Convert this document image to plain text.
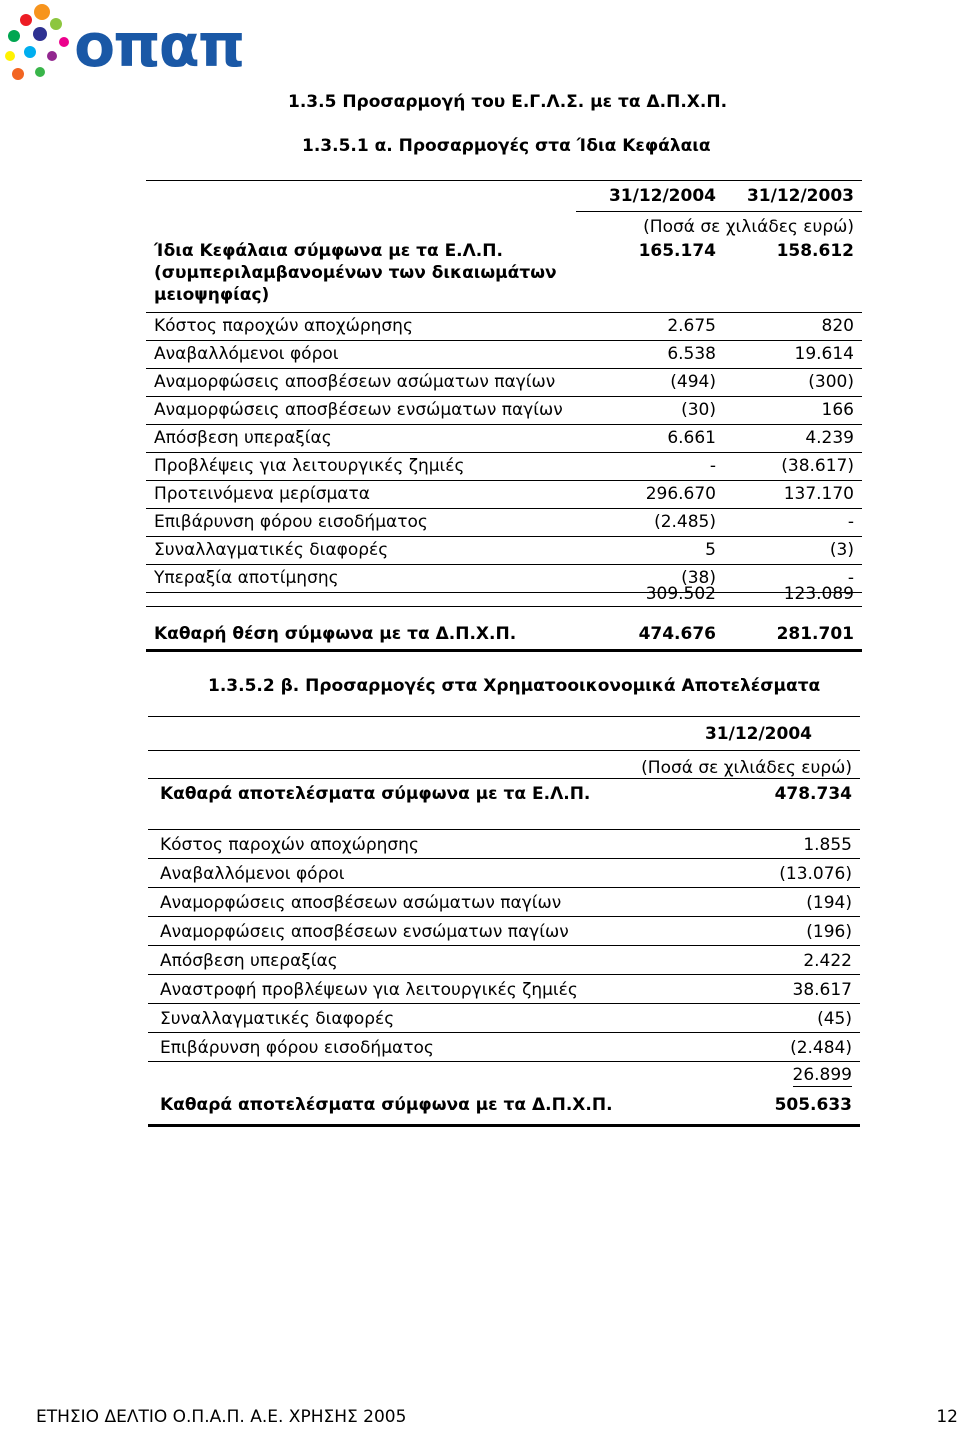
οπαπ
1.3.5 Προσαρμογή του Ε.Γ.Λ.Σ. με τα Δ.Π.Χ.Π.
1.3.5.1 α. Προσαρμογές στα Ίδια Κεφάλαια
31/12/2004 31/12/2003
(Ποσά σε χιλιάδες ευρώ)
Ίδια Κεφάλαια σύμφωνα με τα Ε.Λ.Π.
(συμπεριλαμβανομένων των δικαιωμάτων
μειοψηφίας)
165.174	158.612
Κόστος παροχών αποχώρησης	2.675	820
Αναβαλλόμενοι φόροι	6.538	19.614
Αναμορφώσεις αποσβέσεων ασώματων παγίων	(494)	(300)
Αναμορφώσεις αποσβέσεων ενσώματων παγίων	(30)	166
Απόσβεση υπεραξίας	6.661	4.239
Προβλέψεις για λειτουργικές ζημιές	-	(38.617)
Προτεινόμενα μερίσματα	296.670	137.170
Επιβάρυνση φόρου εισοδήματος	(2.485)	-
Συναλλαγματικές διαφορές	5	(3)
Υπεραξία αποτίμησης	(38)	-
309.502	123.089
Καθαρή θέση σύμφωνα με τα Δ.Π.Χ.Π.	474.676	281.701
1.3.5.2 β. Προσαρμογές στα Χρηματοοικονομικά Αποτελέσματα
31/12/2004
(Ποσά σε χιλιάδες ευρώ)
Καθαρά αποτελέσματα σύμφωνα με τα Ε.Λ.Π.	478.734
Κόστος παροχών αποχώρησης	1.855
Αναβαλλόμενοι φόροι	(13.076)
Αναμορφώσεις αποσβέσεων ασώματων παγίων	(194)
Αναμορφώσεις αποσβέσεων ενσώματων παγίων	(196)
Απόσβεση υπεραξίας	2.422
Αναστροφή προβλέψεων για λειτουργικές ζημιές	38.617
Συναλλαγματικές διαφορές	(45)
Επιβάρυνση φόρου εισοδήματος	(2.484)
26.899
Καθαρά αποτελέσματα σύμφωνα με τα Δ.Π.Χ.Π.	505.633
ΕΤΗΣΙΟ ΔΕΛΤΙΟ Ο.Π.Α.Π. Α.Ε. ΧΡΗΣΗΣ 2005	12
